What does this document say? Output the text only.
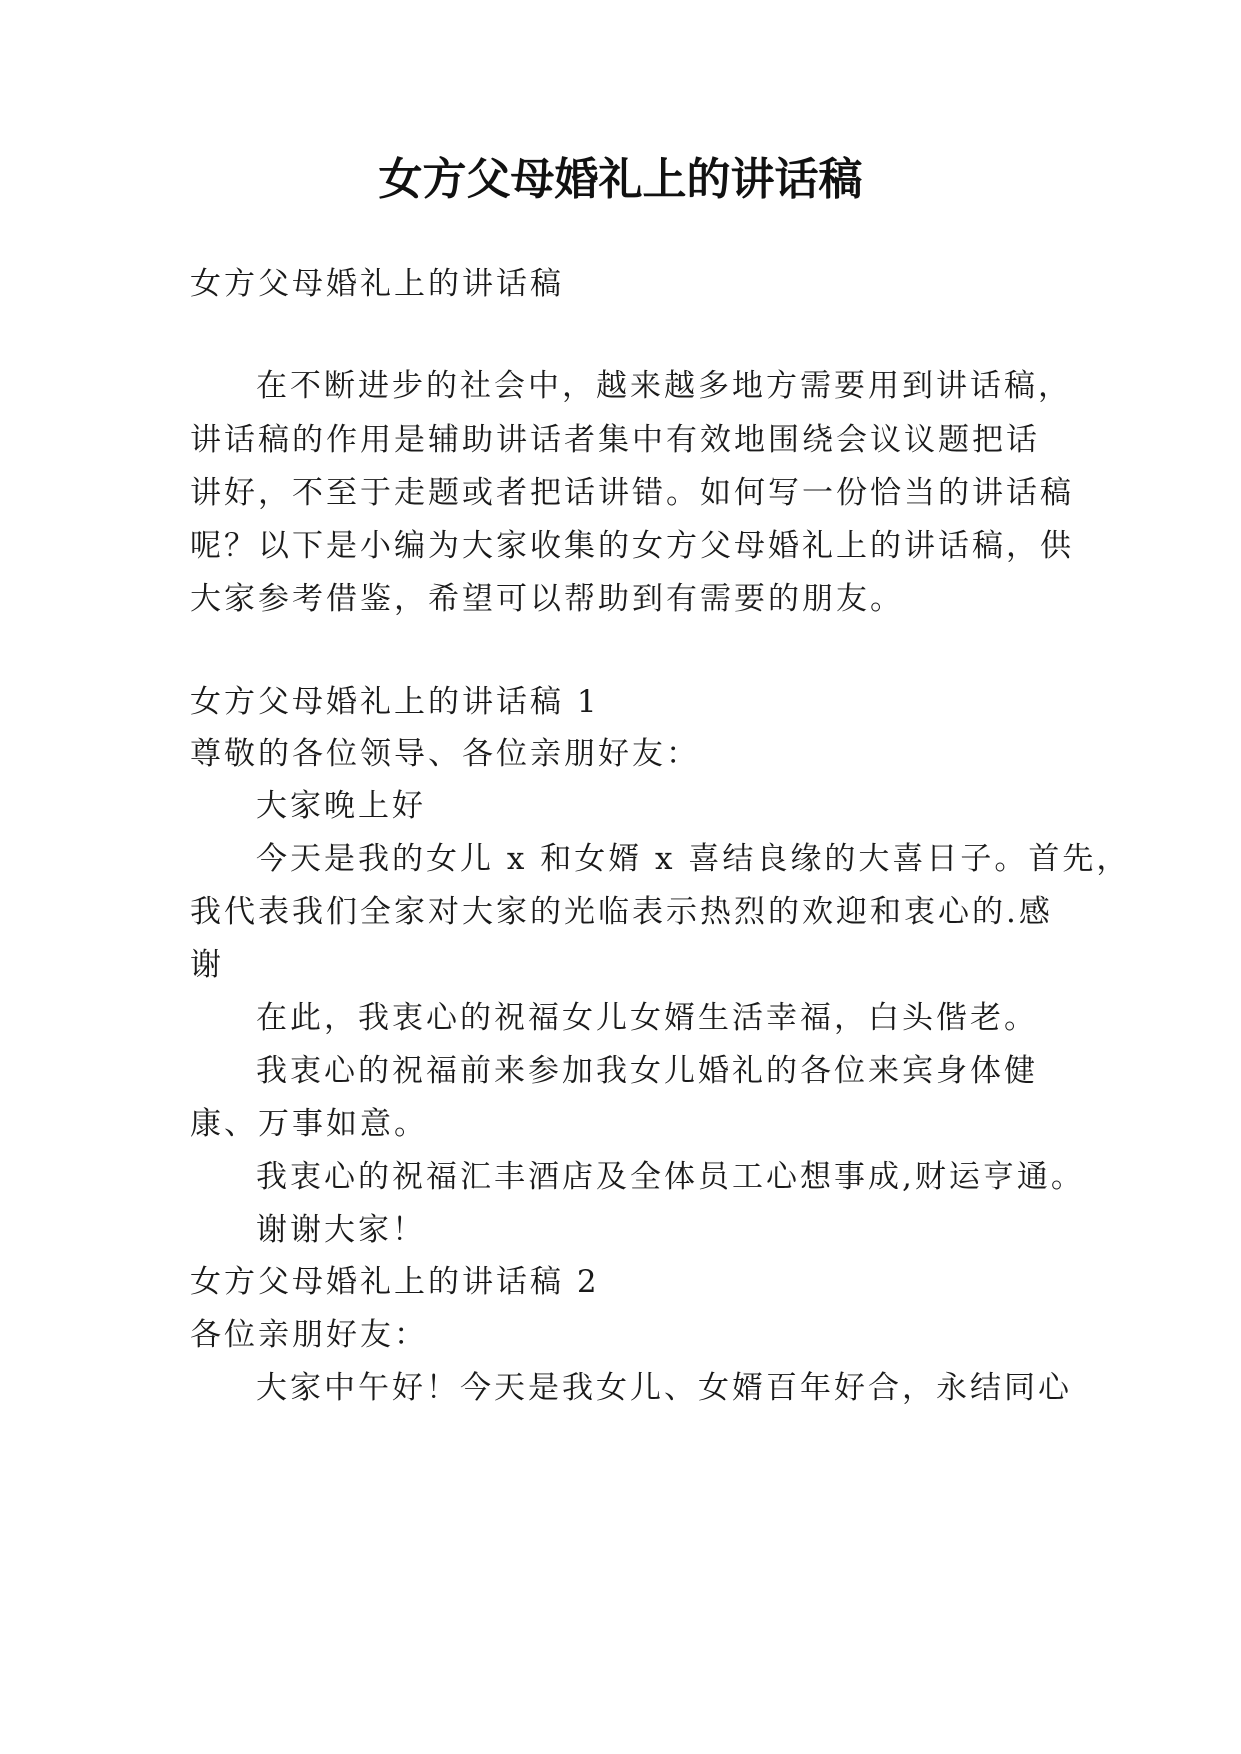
女方父母婚礼上的讲话稿
女方父母婚礼上的讲话稿
在不断进步的社会中，越来越多地方需要用到讲话稿，
讲话稿的作用是辅助讲话者集中有效地围绕会议议题把话
讲好，不至于走题或者把话讲错。如何写一份恰当的讲话稿
呢？以下是小编为大家收集的女方父母婚礼上的讲话稿，供
大家参考借鉴，希望可以帮助到有需要的朋友。
女方父母婚礼上的讲话稿 1
尊敬的各位领导、各位亲朋好友：
大家晚上好
今天是我的女儿 x 和女婿 x 喜结良缘的大喜日子。首先，
我代表我们全家对大家的光临表示热烈的欢迎和衷心的.感
谢
在此，我衷心的祝福女儿女婿生活幸福，白头偕老。
我衷心的祝福前来参加我女儿婚礼的各位来宾身体健
康、万事如意。
我衷心的祝福汇丰酒店及全体员工心想事成,财运亨通。
谢谢大家！
女方父母婚礼上的讲话稿 2
各位亲朋好友：
大家中午好！今天是我女儿、女婿百年好合，永结同心
